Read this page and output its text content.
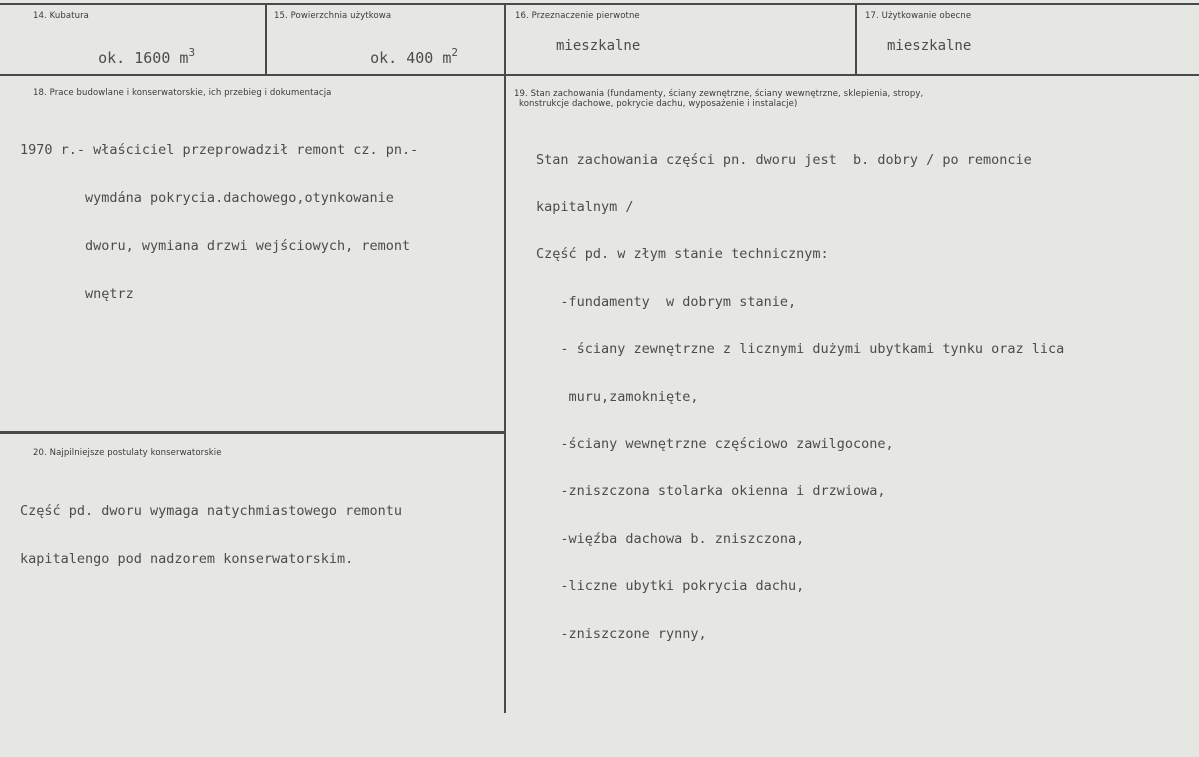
14. Kubatura

ok. 1600 $m^3$

15. Powierzchnia użytkowa

ok. 400 $m^2$

16. Przeznaczenie pierwotne
mieszkalne
17. Użytkowanie obecne
mieszkalne
18. Prace budowlane i konserwatorskie, ich przebieg i dokumentacja

1970 r.- właściciel przeprowadził remont cz. pn.-

wymdána pokrycia.dachowego,otynkowanie

dworu, wymiana drzwi wejściowych, remont

wnętrz

19. Stan zachowania (fundamenty, ściany zewnętrzne, ściany wewnętrzne, sklepienia, stropy,
konstrukcje dachowe, pokrycie dachu, wyposażenie i instalacje)

Stan zachowania części pn. dworu jest  b. dobry / po remoncie

kapitalnym /

Część pd. w złym stanie technicznym:

-fundamenty  w dobrym stanie,

- ściany zewnętrzne z licznymi dużymi ubytkami tynku oraz lica

muru,zamoknięte,

-ściany wewnętrzne częściowo zawilgocone,

-zniszczona stolarka okienna i drzwiowa,

-więźba dachowa b. zniszczona,

-liczne ubytki pokrycia dachu,

-zniszczone rynny,

20. Najpilniejsze postulaty konserwatorskie

Część pd. dworu wymaga natychmiastowego remontu

kapitalengo pod nadzorem konserwatorskim.
